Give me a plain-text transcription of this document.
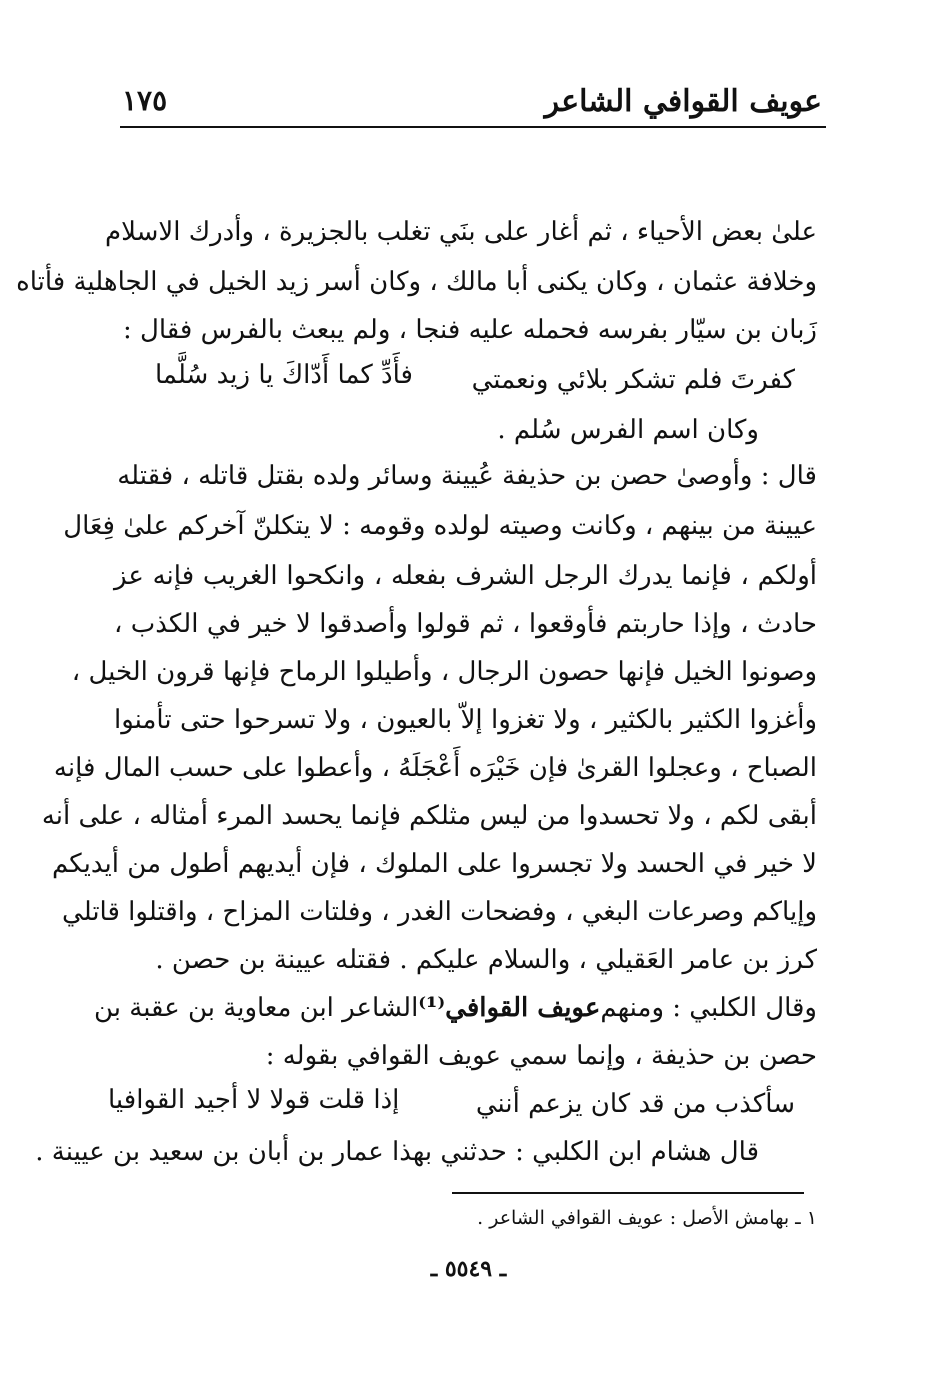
عويف القوافي الشاعر
١٧٥
علىٰ بعض الأحياء ، ثم أغار على بنَي تغلب بالجزيرة ، وأدرك الاسلام
وخلافة عثمان ، وكان يكنى أبا مالك ، وكان أسر زيد الخيل في الجاهلية فأتاه
زَبان بن سيّار بفرسه فحمله عليه فنجا ، ولم يبعث بالفرس فقال :
كفرتَ فلم تشكر بلائي ونعمتي
فأَدِّ كما أَدّاكَ يا زيد سُلَّما
وكان اسم الفرس سُلم .
قال : وأوصىٰ حصن بن حذيفة عُيينة وسائر ولده بقتل قاتله ، فقتله
عيينة من بينهم ، وكانت وصيته لولده وقومه : لا يتكلنّ آخركم علىٰ فِعَال
أولكم ، فإنما يدرك الرجل الشرف بفعله ، وانكحوا الغريب فإنه عز
حادث ، وإذا حاربتم فأوقعوا ، ثم قولوا وأصدقوا لا خير في الكذب ،
وصونوا الخيل فإنها حصون الرجال ، وأطيلوا الرماح فإنها قرون الخيل ،
وأغزوا الكثير بالكثير ، ولا تغزوا إلاّ بالعيون ، ولا تسرحوا حتى تأمنوا
الصباح ، وعجلوا القرىٰ فإن خَيْرَه أَعْجَلَهُ ، وأعطوا على حسب المال فإنه
أبقى لكم ، ولا تحسدوا من ليس مثلكم فإنما يحسد المرء أمثاله ، على أنه
لا خير في الحسد ولا تجسروا على الملوك ، فإن أيديهم أطول من أيديكم
وإياكم وصرعات البغي ، وفضحات الغدر ، وفلتات المزاح ، واقتلوا قاتلي
كرز بن عامر العَقيلي ، والسلام عليكم . فقتله عيينة بن حصن .
وقال الكلبي : ومنهم
عويف القوافي⁽¹⁾
الشاعر ابن معاوية بن عقبة بن
حصن بن حذيفة ، وإنما سمي عويف القوافي بقوله :
سأكذب من قد كان يزعم أنني
إذا قلت قولا لا أجيد القوافيا
قال هشام ابن الكلبي : حدثني بهذا عمار بن أبان بن سعيد بن عيينة .
١ ـ بهامش الأصل : عويف القوافي الشاعر .
ـ ٥٥٤٩ ـ
